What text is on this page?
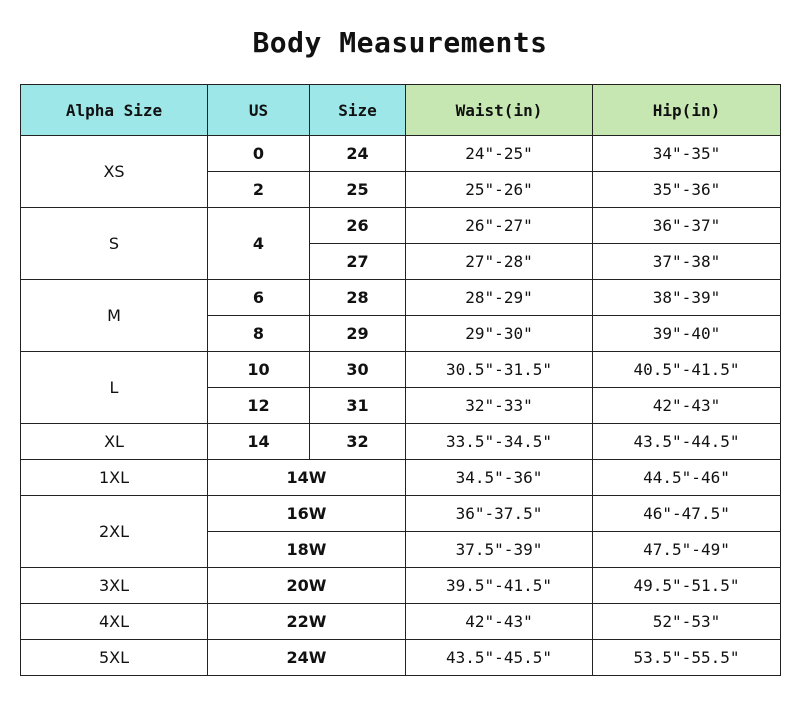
Body Measurements
Alpha Size	US	Size	Waist(in)	Hip(in)
XS	0	24	24"-25"	34"-35"
	2	25	25"-26"	35"-36"
S	4	26	26"-27"	36"-37"
		27	27"-28"	37"-38"
M	6	28	28"-29"	38"-39"
	8	29	29"-30"	39"-40"
L	10	30	30.5"-31.5"	40.5"-41.5"
	12	31	32"-33"	42"-43"
XL	14	32	33.5"-34.5"	43.5"-44.5"
1XL	14W		34.5"-36"	44.5"-46"
2XL	16W		36"-37.5"	46"-47.5"
	18W		37.5"-39"	47.5"-49"
3XL	20W		39.5"-41.5"	49.5"-51.5"
4XL	22W		42"-43"	52"-53"
5XL	24W		43.5"-45.5"	53.5"-55.5"
